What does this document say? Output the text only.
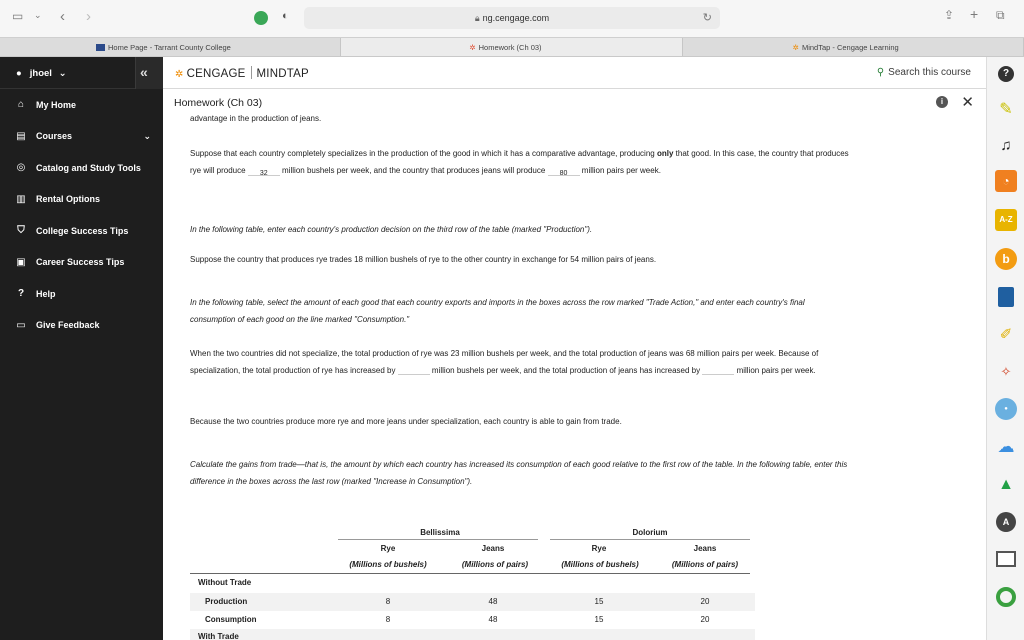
▭ ⌄ ‹ ›	◐	🔒︎ ng.cengage.com	↻	⇪ + ⧉
Home Page - Tarrant County College	✲ Homework (Ch 03)	✲ MindTap - Cengage Learning
● jhoel ⌄	«
⌂	My Home
▤ Courses	⌄
◎ Catalog and Study Tools
▥ Rental Options
⛉	College Success Tips
▣ Career Success Tips
?	Help
▭ Give Feedback
✲ CENGAGE MINDTAP	⚲ Search this course
Homework (Ch 03)	i	✕
advantage in the production of jeans.
Suppose that each country completely specializes in the production of the good in which it has a comparative advantage, producing only that good. In this case, the country that produces rye will produce 32 million bushels per week, and the country that produces jeans will produce 80 million pairs per week.
In the following table, enter each country's production decision on the third row of the table (marked "Production").
Suppose the country that produces rye trades 18 million bushels of rye to the other country in exchange for 54 million pairs of jeans.
In the following table, select the amount of each good that each country exports and imports in the boxes across the row marked "Trade Action," and enter each country's final consumption of each good on the line marked "Consumption."
When the two countries did not specialize, the total production of rye was 23 million bushels per week, and the total production of jeans was 68 million pairs per week. Because of specialization, the total production of rye has increased by	million bushels per week, and the total production of jeans has increased by	million pairs per week.
Because the two countries produce more rye and more jeans under specialization, each country is able to gain from trade.
Calculate the gains from trade—that is, the amount by which each country has increased its consumption of each good relative to the first row of the table. In the following table, enter this difference in the boxes across the last row (marked "Increase in Consumption").
Bellissima	Dolorium
Rye	Jeans	Rye	Jeans
(Millions of bushels)	(Millions of pairs)	(Millions of bushels)	(Millions of pairs)
Without Trade
Production	8	48	15	20
Consumption	8	48	15	20
With Trade
?
✎
♫
◔
A-Z
b
✐
✧
●
☁
▲
A
